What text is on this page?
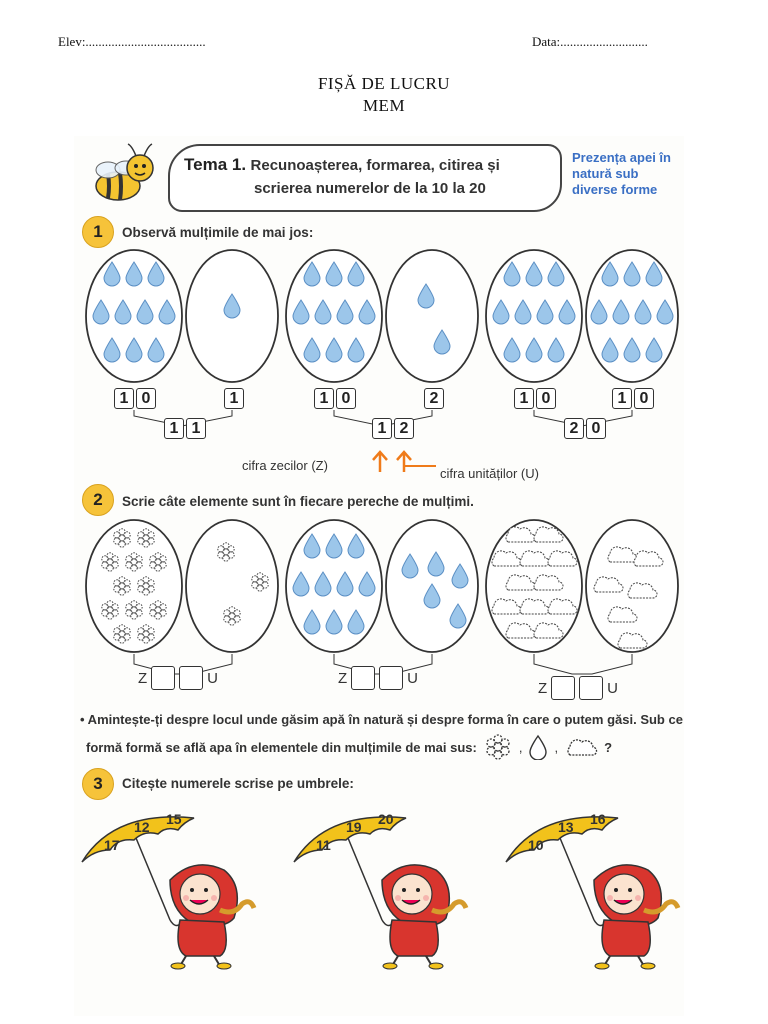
Elev:.....................................	Data:...........................
FIȘĂ DE LUCRU
MEM
Tema 1. Recunoașterea, formarea, citirea și
scrierea numerelor de la 10 la 20
Prezența apei în natură sub diverse forme
1	Observă mulțimile de mai jos:
1 0	1
1 1
1 0	2
1 2
1 0	1 0
2 0
cifra zecilor (Z)
cifra unităților (U)
2	Scrie câte elemente sunt în fiecare pereche de mulțimi.
Z	U	Z	U
Z	U
• Amintește-ți despre locul unde găsim apă în natură și despre forma în care o putem găsi. Sub ce
formă formă se află apa în elementele din mulțimile de mai sus:	, ,	?
3	Citește numerele scrise pe umbrele:
17
12 15
11
19 20
10
13 16
